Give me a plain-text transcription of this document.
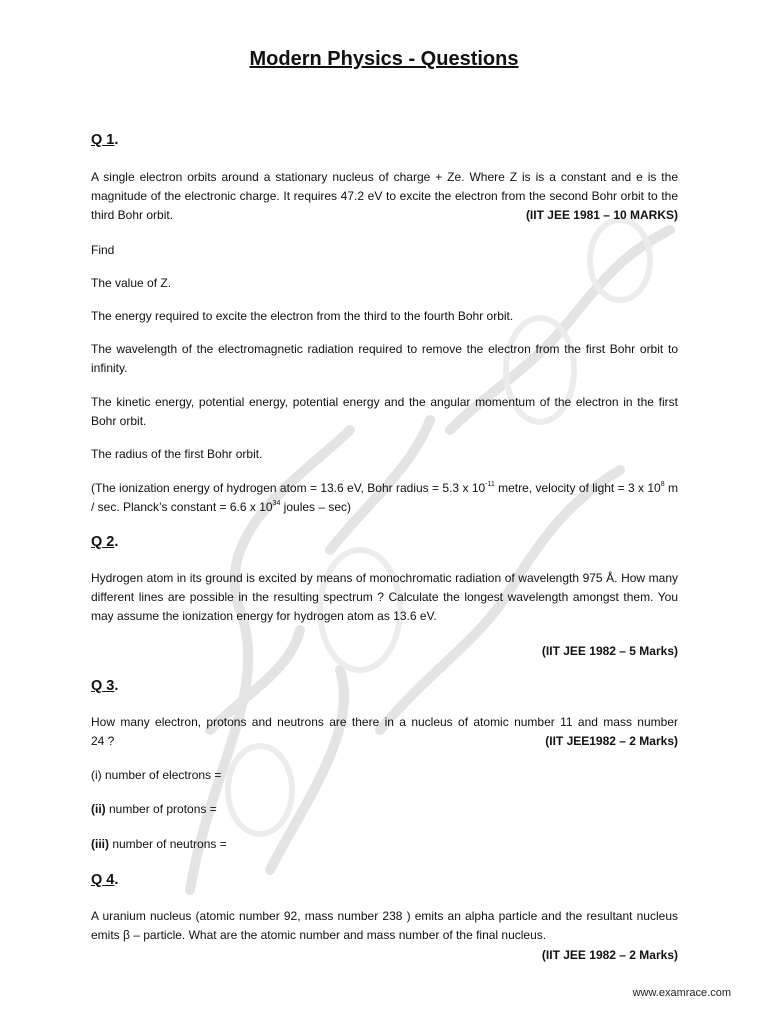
Modern Physics - Questions
Q 1.
A single electron orbits around a stationary nucleus of charge + Ze. Where Z is is a constant and e is the magnitude of the electronic charge. It requires 47.2 eV to excite the electron from the second Bohr orbit to the third Bohr orbit.	(IIT JEE 1981 – 10 MARKS)
Find
The value of Z.
The energy required to excite the electron from the third to the fourth Bohr orbit.
The wavelength of the electromagnetic radiation required to remove the electron from the first Bohr orbit to infinity.
The kinetic energy, potential energy, potential energy and the angular momentum of the electron in the first Bohr orbit.
The radius of the first Bohr orbit.
(The ionization energy of hydrogen atom = 13.6 eV, Bohr radius = 5.3 x $10^{-11}$ metre, velocity of light = 3 x $10^8$ m / sec. Planck’s constant = 6.6 x $10^{34}$ joules – sec)
Q 2.
Hydrogen atom in its ground is excited by means of monochromatic radiation of wavelength 975 Å. How many different lines are possible in the resulting spectrum ? Calculate the longest wavelength amongst them. You may assume the ionization energy for hydrogen atom as 13.6 eV.
(IIT JEE 1982 – 5 Marks)
Q 3.
How many electron, protons and neutrons are there in a nucleus of atomic number 11 and mass number
24 ?	(IIT JEE1982 – 2 Marks)
(i) number of electrons =
(ii) number of protons =
(iii) number of neutrons =
Q 4.
A uranium nucleus (atomic number 92, mass number 238 ) emits an alpha particle and the resultant nucleus emits β – particle. What are the atomic number and mass number of the final nucleus.
(IIT JEE 1982 – 2 Marks)
www.examrace.com
